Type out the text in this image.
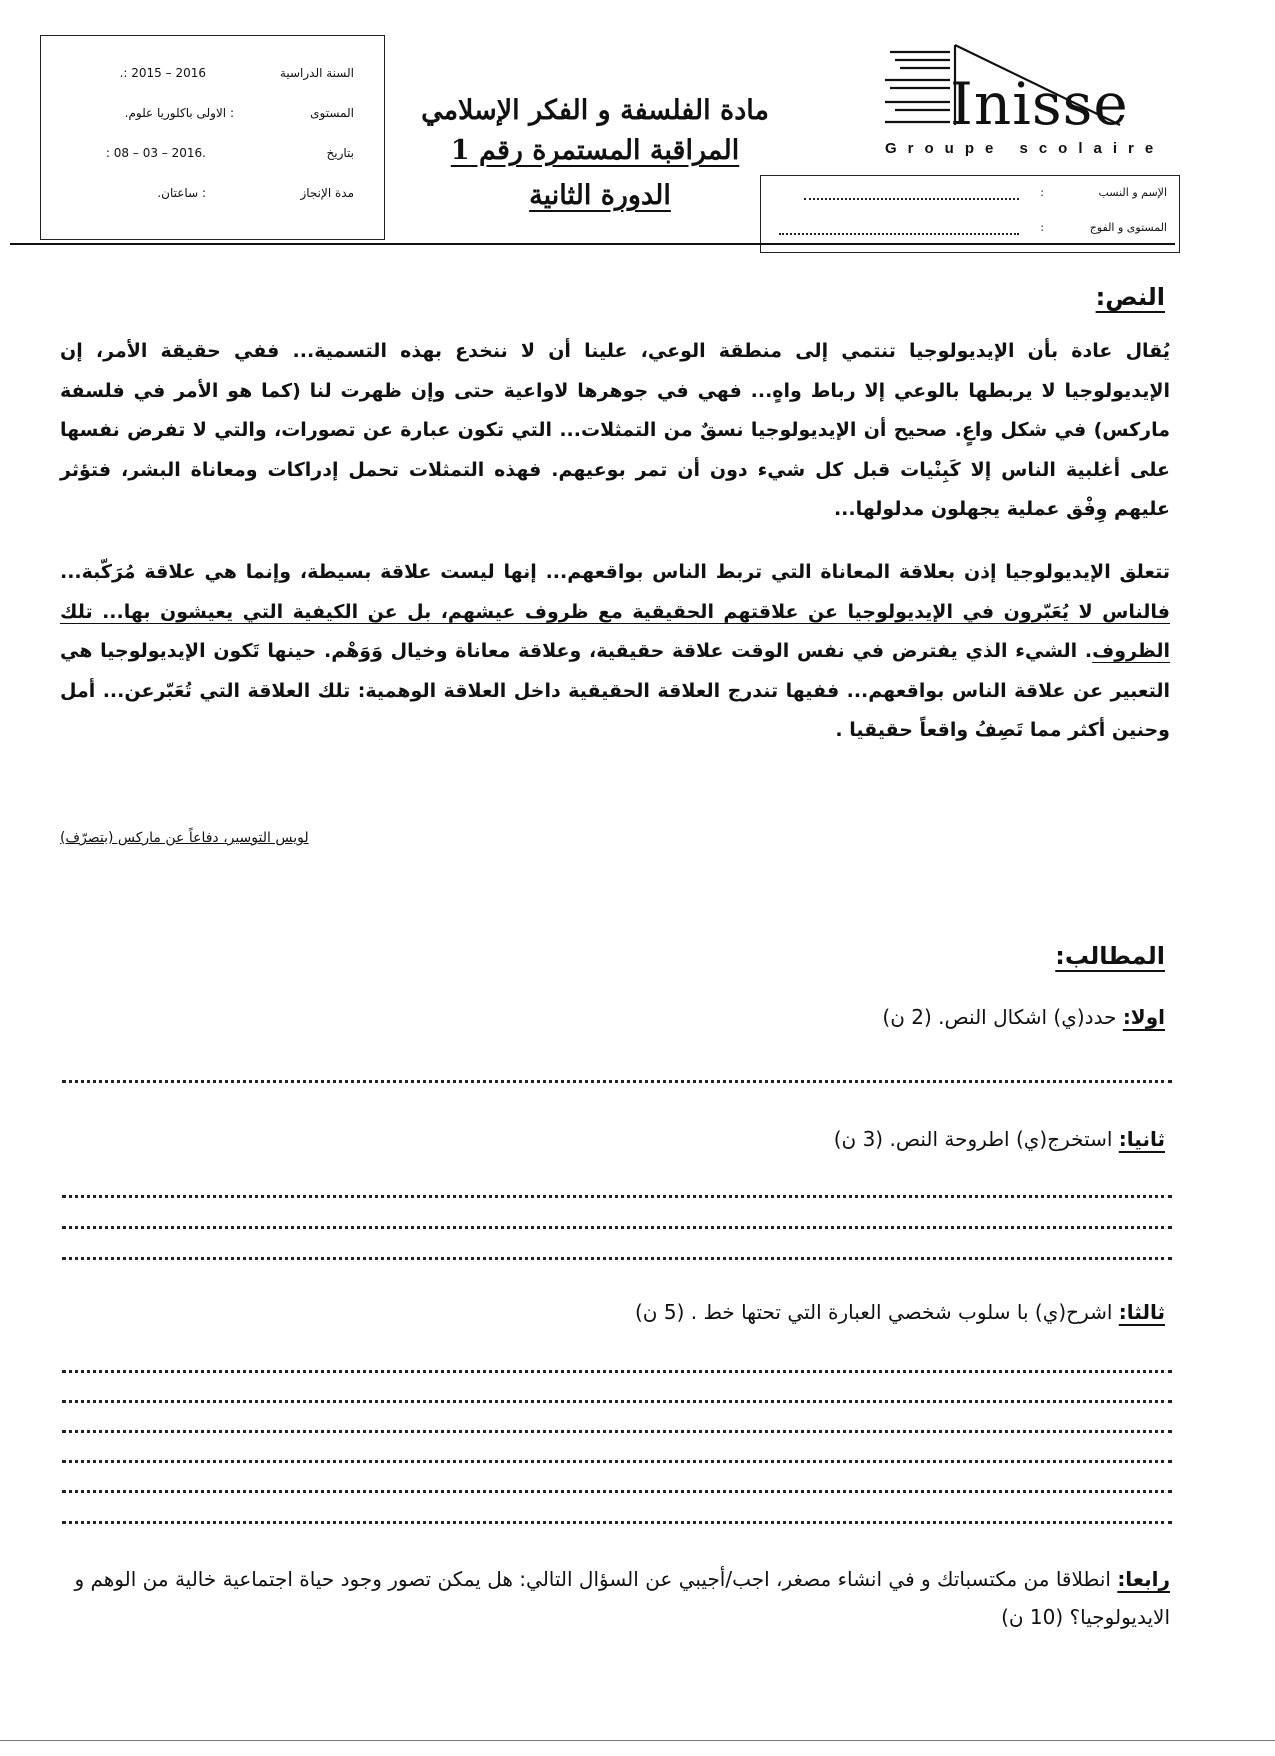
السنة الدراسية
2016 – 2015 :.
المستوى
: الاولى باكلوريا علوم.
بتاريخ
.2016 – 03 – 08 :
مدة الإنجاز
: ساعتان.
مادة الفلسفة و الفكر الإسلامي
المراقبة المستمرة رقم 1
الدورة الثانية
Inisse
Groupe scolaire
الإسم و النسب
:
المستوى و الفوج
:
النص:
يُقال عادة بأن الإيديولوجيا تنتمي إلى منطقة الوعي، علينا أن لا ننخدع بهذه التسمية... ففي حقيقة الأمر، إن الإيديولوجيا لا يربطها بالوعي إلا رباط واهٍ... فهي في جوهرها لاواعية حتى وإن ظهرت لنا (كما هو الأمر في فلسفة ماركس) في شكل واعٍ. صحيح أن الإيديولوجيا نسقٌ من التمثلات... التي تكون عبارة عن تصورات، والتي لا تفرض نفسها على أغلبية الناس إلا كَبِنْيات قبل كل شيء دون أن تمر بوعيهم. فهذه التمثلات تحمل إدراكات ومعاناة البشر، فتؤثر عليهم وِفْق عملية يجهلون مدلولها...
تتعلق الإيديولوجيا إذن بعلاقة المعاناة التي تربط الناس بواقعهم... إنها ليست علاقة بسيطة، وإنما هي علاقة مُرَكّبة... فالناس لا يُعَبّرون في الإيديولوجيا عن علاقتهم الحقيقية مع ظروف عيشهم، بل عن الكيفية التي يعيشون بها... تلك الظروف. الشيء الذي يفترض في نفس الوقت علاقة حقيقية، وعلاقة معاناة وخيال وَوَهْم. حينها تَكون الإيديولوجيا هي التعبير عن علاقة الناس بواقعهم... ففيها تندرج العلاقة الحقيقية داخل العلاقة الوهمية: تلك العلاقة التي تُعَبّرعن... أمل وحنين أكثر مما تَصِفُ واقعاً حقيقيا .
لويس التوسير، دفاعاً عن ماركس (بتصرّف)
المطالب:
اولا: حدد(ي) اشكال النص. (2 ن)
ثانيا: استخرج(ي) اطروحة النص. (3 ن)
ثالثا: اشرح(ي) با سلوب شخصي العبارة التي تحتها خط . (5 ن)
رابعا: انطلاقا من مكتسباتك و في انشاء مصغر، اجب/أجيبي عن السؤال التالي: هل يمكن تصور وجود حياة اجتماعية خالية من الوهم و الايديولوجيا؟ (10 ن)
